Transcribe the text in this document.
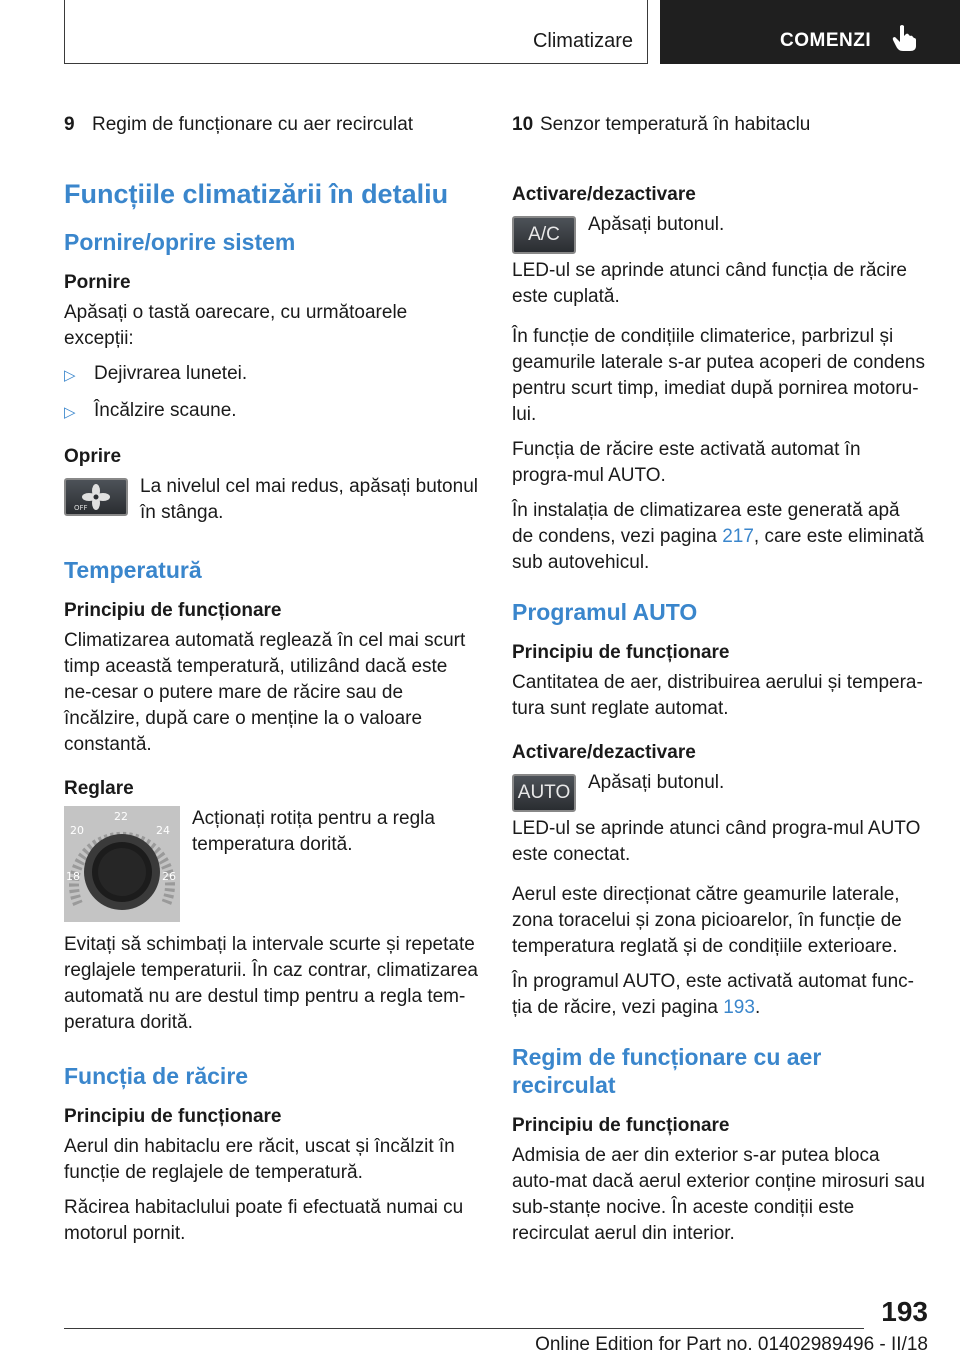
Climatizare	COMENZI
9 Regim de funcționare cu aer recirculat
Funcțiile climatizării în detaliu
Pornire/oprire sistem
Pornire

Apăsați o tastă oarecare, cu următoarele excepții:

▷ Dejivrarea lunetei.
▷ Încălzire scaune.
Oprire
OFF

La nivelul cel mai redus, apăsați butonul în stânga.

Temperatură
Principiu de funcționare

Climatizarea automată reglează în cel mai scurt timp această temperatură, utilizând dacă este ne-cesar o putere mare de răcire sau de încălzire, după care o menține la o valoare constantă.

Reglare
22
20	24
18	26

Acționați rotița pentru a regla temperatura dorită.

Evitați să schimbați la intervale scurte și repetate reglajele temperaturii. În caz contrar, climatizarea automată nu are destul timp pentru a regla tem-peratura dorită.

Funcția de răcire
Principiu de funcționare

Aerul din habitaclu ere răcit, uscat și încălzit în funcție de reglajele de temperatură.

Răcirea habitaclului poate fi efectuată numai cu motorul pornit.

10 Senzor temperatură în habitaclu
Activare/dezactivare
A/C	Apăsați butonul.

LED-ul se aprinde atunci când funcția de răcire este cuplată.

În funcție de condițiile climaterice, parbrizul și geamurile laterale s-ar putea acoperi de condens pentru scurt timp, imediat după pornirea motoru-lui.

Funcția de răcire este activată automat în progra-mul AUTO.

În instalația de climatizarea este generată apă de condens, vezi pagina 217, care este eliminată sub autovehicul.

Programul AUTO
Principiu de funcționare

Cantitatea de aer, distribuirea aerului și tempera-tura sunt reglate automat.

Activare/dezactivare
AUTO Apăsați butonul.

LED-ul se aprinde atunci când progra-mul AUTO este conectat.

Aerul este direcționat către geamurile laterale, zona toracelui și zona picioarelor, în funcție de temperatura reglată și de condițiile exterioare.

În programul AUTO, este activată automat func-ția de răcire, vezi pagina 193.

Regim de funcționare cu aer recirculat
Principiu de funcționare

Admisia de aer din exterior s-ar putea bloca auto-mat dacă aerul exterior conține mirosuri sau sub-stanțe nocive. În aceste condiții este recirculat aerul din interior.

193
Online Edition for Part no. 01402989496 - II/18
